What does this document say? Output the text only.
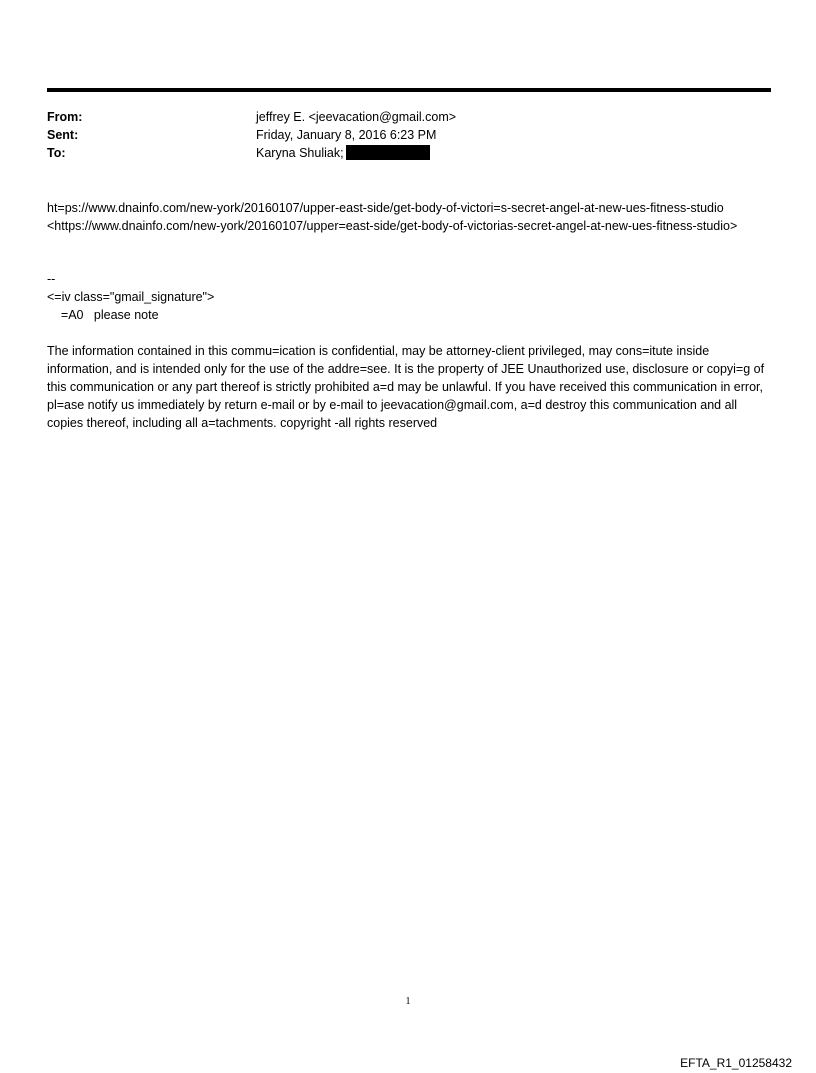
From:	jeffrey E. <jeevacation@gmail.com>
Sent:	Friday, January 8, 2016 6:23 PM
To:	Karyna Shuliak;
ht=ps://www.dnainfo.com/new-york/20160107/upper-east-side/get-body-of-victori=s-secret-angel-at-new-ues-fitness-studio <https://www.dnainfo.com/new-york/20160107/upper=east-side/get-body-of-victorias-secret-angel-at-new-ues-fitness-studio>
--
<=iv class="gmail_signature">
=A0   please note
The information contained in this commu=ication is confidential, may be attorney-client privileged, may cons=itute inside information, and is intended only for the use of the addre=see. It is the property of JEE Unauthorized use, disclosure or copyi=g of this communication or any part thereof is strictly prohibited a=d may be unlawful. If you have received this communication in error, pl=ase notify us immediately by return e-mail or by e-mail to jeevacation@gmail.com, a=d destroy this communication and all copies thereof, including all a=tachments. copyright -all rights reserved
1
EFTA_R1_01258432
